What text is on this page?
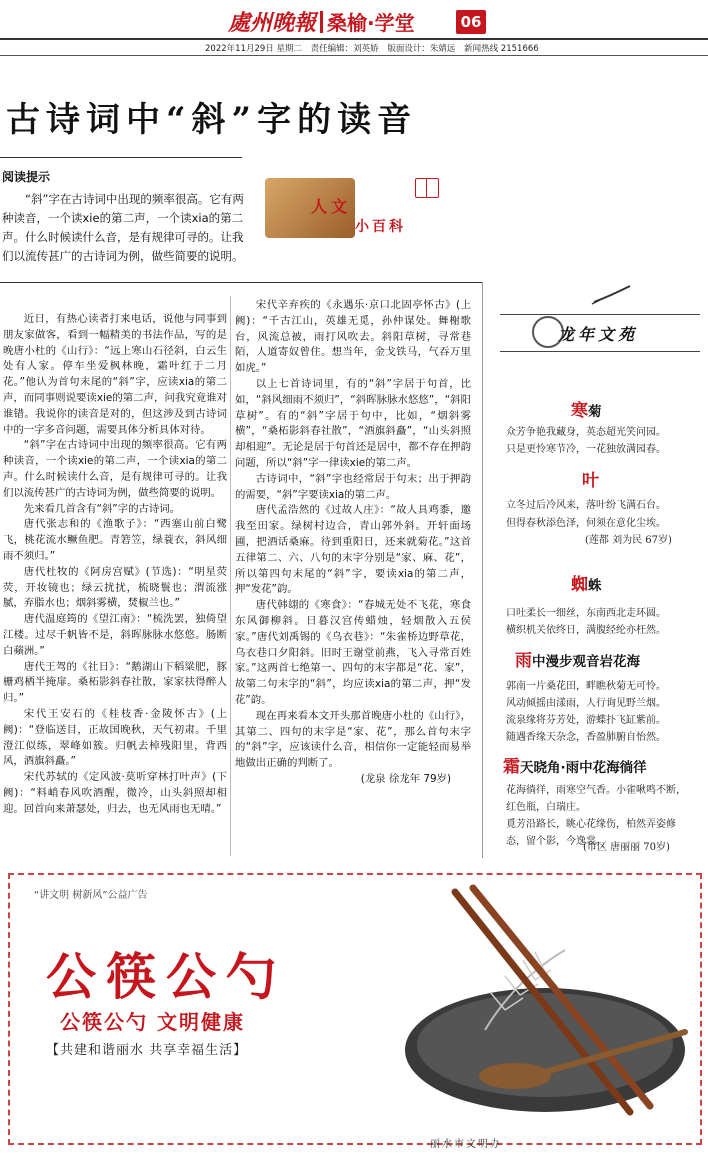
處州晚報 桑榆·学堂	06
2022年11月29日 星期二 责任编辑：刘英娇 版面设计：朱婧远 新闻热线 2151666
古诗词中“斜”字的读音
阅读提示
“斜”字在古诗词中出现的频率很高。它有两种读音，一个读xie的第二声，一个读xia的第二声。什么时候读什么音，是有规律可寻的。让我们以流传甚广的古诗词为例，做些简要的说明。
人文
小百科

近日，有热心读者打来电话，说他与同事到朋友家做客，看到一幅精美的书法作品，写的是晚唐小杜的《山行》：“远上寒山石径斜，白云生处有人家。停车坐爱枫林晚，霜叶红于二月花。”他认为首句末尾的“斜”字，应读xia的第二声，而同事则说要读xie的第二声，问我究竟谁对谁错。我说你的读音是对的，但这涉及到古诗词中的一字多音问题，需要具体分析具体对待。

“斜”字在古诗词中出现的频率很高。它有两种读音，一个读xie的第二声，一个读xia的第二声。什么时候读什么音，是有规律可寻的。让我们以流传甚广的古诗词为例，做些简要的说明。

先来看几首含有“斜”字的古诗词。

唐代张志和的《渔歌子》：“西塞山前白鹭飞，桃花流水鳜鱼肥。青箬笠，绿蓑衣，斜风细雨不须归。”

唐代杜牧的《阿房宫赋》(节选)：“明星荧荧，开妆镜也；绿云扰扰，梳晓鬟也；渭流涨腻，弃脂水也；烟斜雾横，焚椒兰也。”

唐代温庭筠的《望江南》：“梳洗罢，独倚望江楼。过尽千帆皆不是，斜晖脉脉水悠悠。肠断白蘋洲。”

唐代王驾的《社日》：“鹅湖山下稻粱肥，豚栅鸡栖半掩扉。桑柘影斜春社散，家家扶得醉人归。”

宋代王安石的《桂枝香·金陵怀古》(上阙)：“登临送目，正故国晚秋，天气初肃。千里澄江似练，翠峰如簇。归帆去棹残阳里，背西风，酒旗斜矗。”

宋代苏轼的《定风波·莫听穿林打叶声》(下阙)：“料峭春风吹酒醒，微冷，山头斜照却相迎。回首向来萧瑟处，归去，也无风雨也无晴。”

宋代辛弃疾的《永遇乐·京口北固亭怀古》(上阙)：“千古江山，英雄无觅，孙仲谋处。舞榭歌台，风流总被，雨打风吹去。斜阳草树，寻常巷陌，人道寄奴曾住。想当年，金戈铁马，气吞万里如虎。”

以上七首诗词里，有的“斜”字居于句首，比如，“斜风细雨不须归”，“斜晖脉脉水悠悠”，“斜阳草树”。有的“斜”字居于句中，比如，“烟斜雾横”，“桑柘影斜春社散”，“酒旗斜矗”，“山头斜照却相迎”。无论是居于句首还是居中，都不存在押韵问题，所以“斜”字一律读xie的第二声。

古诗词中，“斜”字也经常居于句末；出于押韵的需要，“斜”字要读xia的第二声。

唐代孟浩然的《过故人庄》：“故人具鸡黍，邀我至田家。绿树村边合，青山郭外斜。开轩面场圃，把酒话桑麻。待到重阳日，还来就菊花。”这首五律第二、六、八句的末字分别是“家、麻、花”，所以第四句末尾的“斜”字，要读xia的第二声，押“发花”韵。

唐代韩翃的《寒食》：“春城无处不飞花，寒食东风御柳斜。日暮汉宫传蜡烛，轻烟散入五侯家。”唐代刘禹锡的《乌衣巷》：“朱雀桥边野草花，乌衣巷口夕阳斜。旧时王谢堂前燕，飞入寻常百姓家。”这两首七绝第一、四句的末字都是“花、家”，故第二句末字的“斜”，均应读xia的第二声，押“发花”韵。

现在再来看本文开头那首晚唐小杜的《山行》，其第二、四句的末字是“家、花”，那么首句末字的“斜”字，应该读什么音，相信你一定能轻而易举地做出正确的判断了。

(龙泉 徐龙年 79岁)

龙年文苑
寒菊
众芳争艳我藏身，英态超光笑问园。
只是更怜寒节冷，一花独放满园春。
叶
立冬过后冷风来，落叶纷飞满石台。
但得春秋添色泽，何须在意化尘埃。
(莲都 刘为民 67岁)
蜘蛛
口吐柔长一细丝，东南西北走环圆。
横织机关依终日，满腹经纶亦枉然。
雨中漫步观音岩花海
郭南一片桑花田，畔瞧秋菊无可怜。
风动倾摇由漾雨，人行询见野兰烟。
流泉缘将芬芳处，游蝶扑飞缸紫前。
随遇香缘天杂念，香盈肺腑自怡然。
霜天晓角·雨中花海徜徉
花海徜徉，雨寒空气香。小雀啾鸣不断，红色瓶，白瑞庄。
覓芳沿路长，眺心花缘伤，柏然弄姿修态，留个影，今逸裳。
(市区 唐丽丽 70岁)
“讲文明 树新风”公益广告
公筷公勺
公筷公勺 文明健康
【共建和谐丽水 共享幸福生活】
丽水市文明办
